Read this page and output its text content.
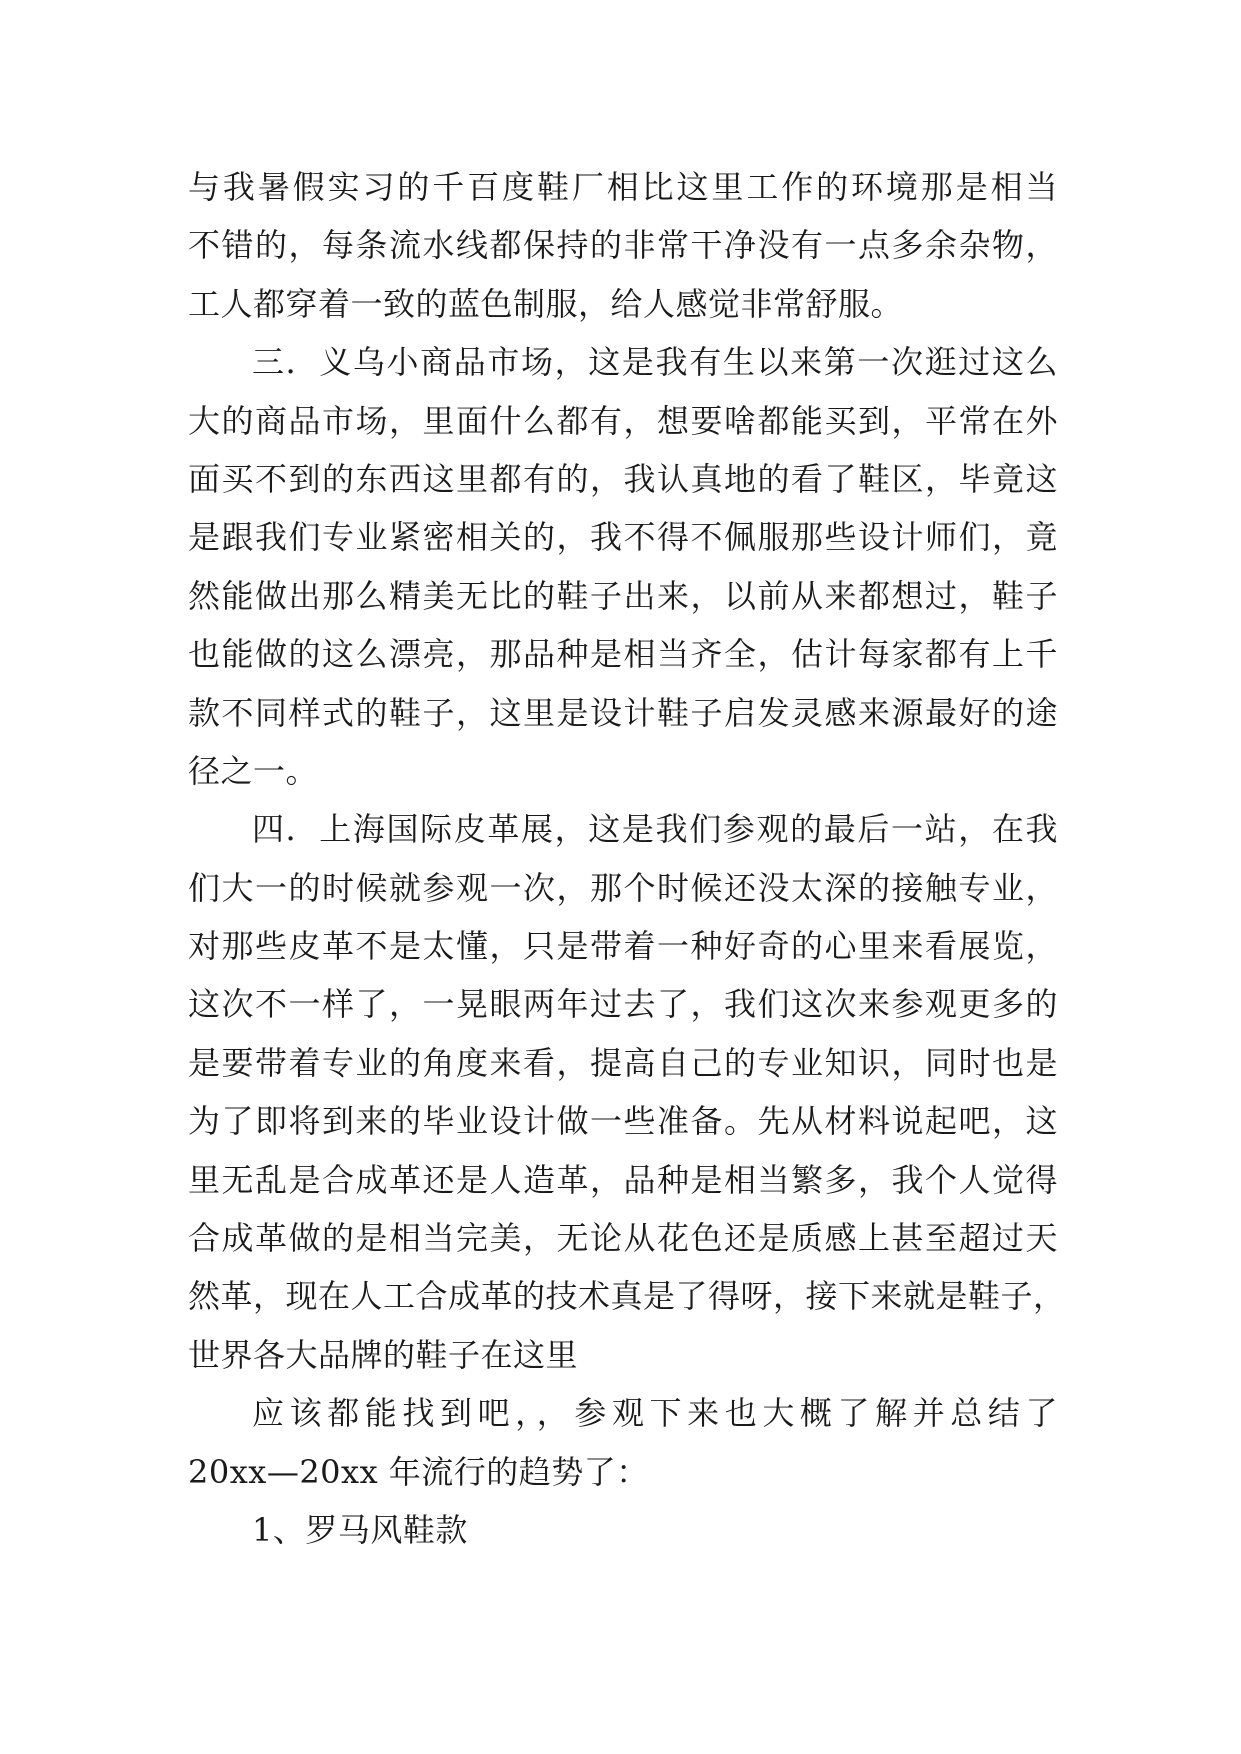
与我暑假实习的千百度鞋厂相比这里工作的环境那是相当
不错的，每条流水线都保持的非常干净没有一点多余杂物，
工人都穿着一致的蓝色制服，给人感觉非常舒服。
三．义乌小商品市场，这是我有生以来第一次逛过这么
大的商品市场，里面什么都有，想要啥都能买到，平常在外
面买不到的东西这里都有的，我认真地的看了鞋区，毕竟这
是跟我们专业紧密相关的，我不得不佩服那些设计师们，竟
然能做出那么精美无比的鞋子出来，以前从来都想过，鞋子
也能做的这么漂亮，那品种是相当齐全，估计每家都有上千
款不同样式的鞋子，这里是设计鞋子启发灵感来源最好的途
径之一。
四．上海国际皮革展，这是我们参观的最后一站，在我
们大一的时候就参观一次，那个时候还没太深的接触专业，
对那些皮革不是太懂，只是带着一种好奇的心里来看展览，
这次不一样了，一晃眼两年过去了，我们这次来参观更多的
是要带着专业的角度来看，提高自己的专业知识，同时也是
为了即将到来的毕业设计做一些准备。先从材料说起吧，这
里无乱是合成革还是人造革，品种是相当繁多，我个人觉得
合成革做的是相当完美，无论从花色还是质感上甚至超过天
然革，现在人工合成革的技术真是了得呀，接下来就是鞋子，
世界各大品牌的鞋子在这里
应该都能找到吧，，参观下来也大概了解并总结了
20xx—20xx 年流行的趋势了：
1、罗马风鞋款
